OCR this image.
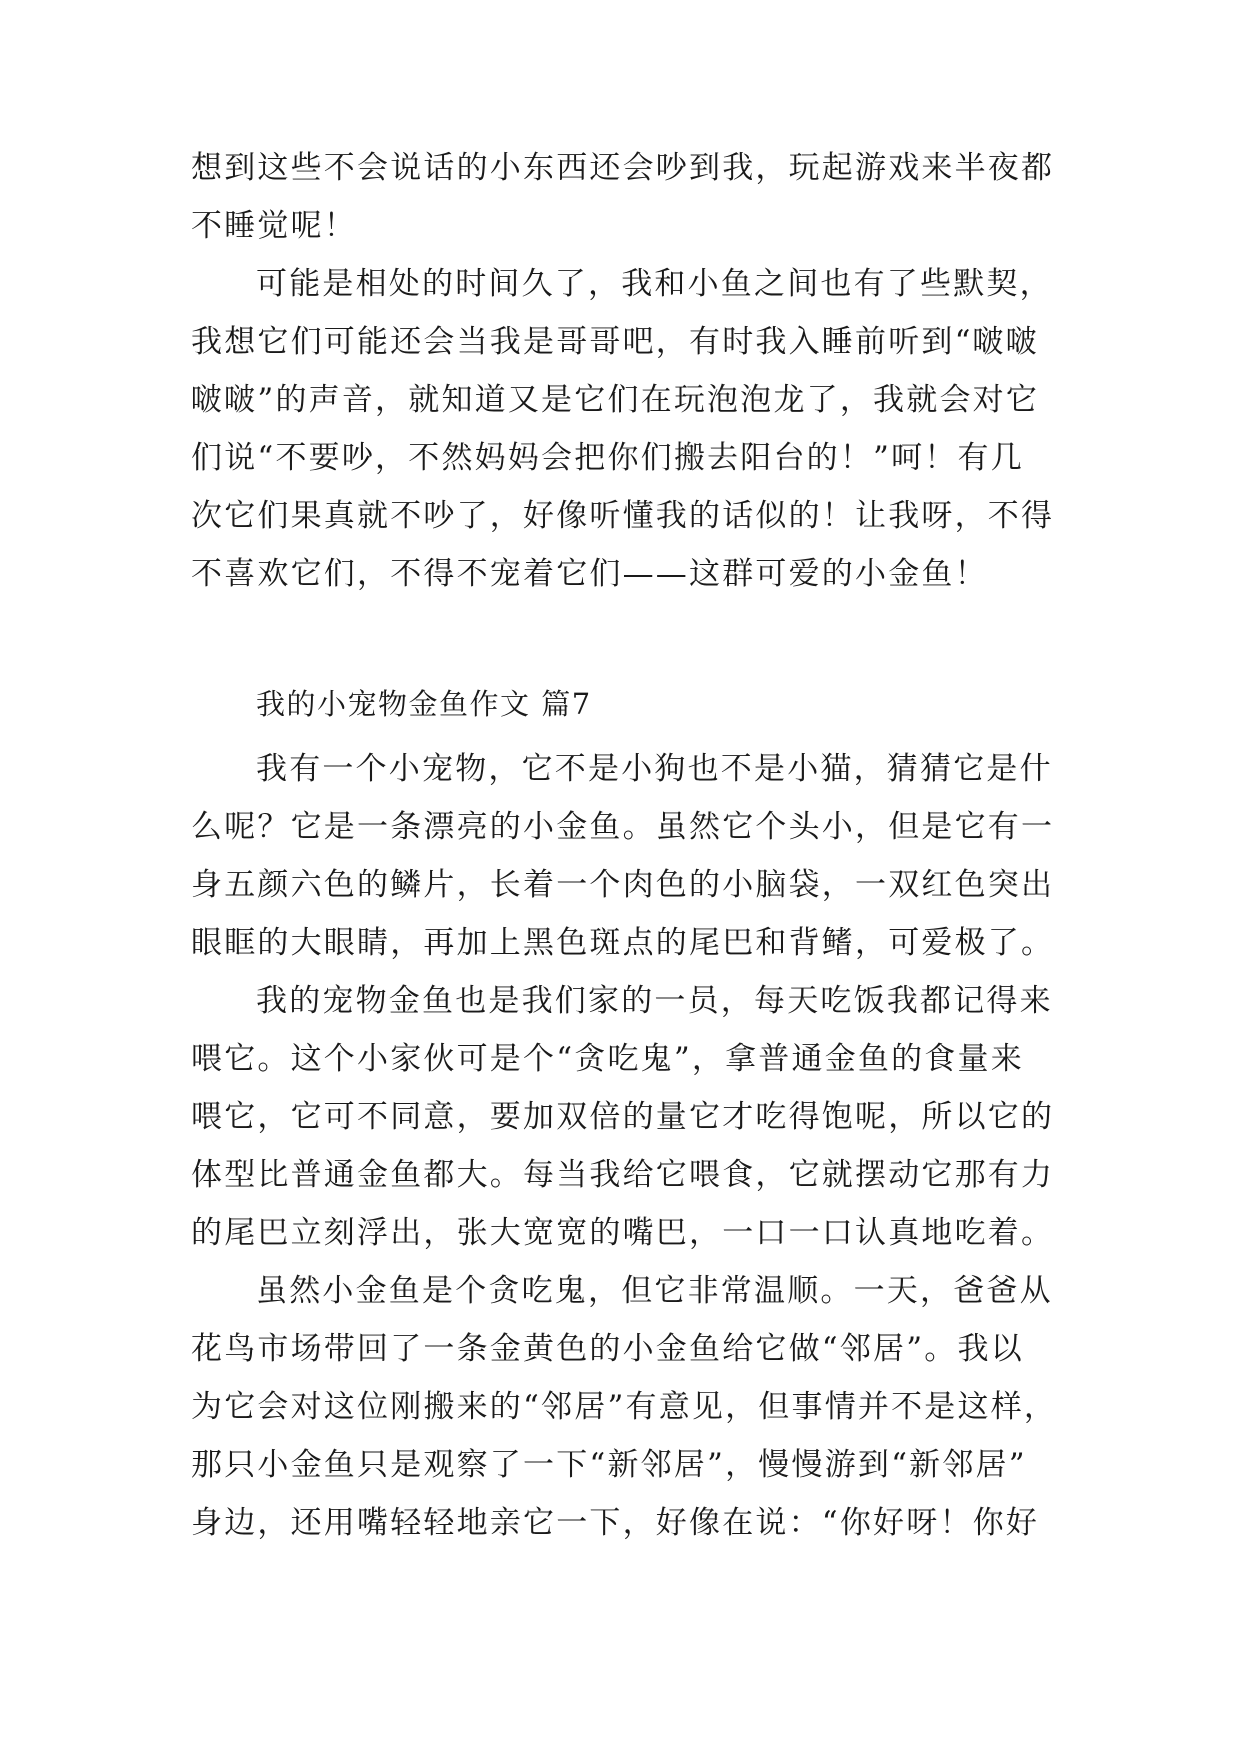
想到这些不会说话的小东西还会吵到我，玩起游戏来半夜都
不睡觉呢！
可能是相处的时间久了，我和小鱼之间也有了些默契，
我想它们可能还会当我是哥哥吧，有时我入睡前听到“啵啵
啵啵”的声音，就知道又是它们在玩泡泡龙了，我就会对它
们说“不要吵，不然妈妈会把你们搬去阳台的！”呵！有几
次它们果真就不吵了，好像听懂我的话似的！让我呀，不得
不喜欢它们，不得不宠着它们——这群可爱的小金鱼！
我的小宠物金鱼作文 篇7
我有一个小宠物，它不是小狗也不是小猫，猜猜它是什
么呢？它是一条漂亮的小金鱼。虽然它个头小，但是它有一
身五颜六色的鳞片，长着一个肉色的小脑袋，一双红色突出
眼眶的大眼睛，再加上黑色斑点的尾巴和背鳍，可爱极了。
我的宠物金鱼也是我们家的一员，每天吃饭我都记得来
喂它。这个小家伙可是个“贪吃鬼”，拿普通金鱼的食量来
喂它，它可不同意，要加双倍的量它才吃得饱呢，所以它的
体型比普通金鱼都大。每当我给它喂食，它就摆动它那有力
的尾巴立刻浮出，张大宽宽的嘴巴，一口一口认真地吃着。
虽然小金鱼是个贪吃鬼，但它非常温顺。一天，爸爸从
花鸟市场带回了一条金黄色的小金鱼给它做“邻居”。我以
为它会对这位刚搬来的“邻居”有意见，但事情并不是这样，
那只小金鱼只是观察了一下“新邻居”，慢慢游到“新邻居”
身边，还用嘴轻轻地亲它一下，好像在说：“你好呀！你好
